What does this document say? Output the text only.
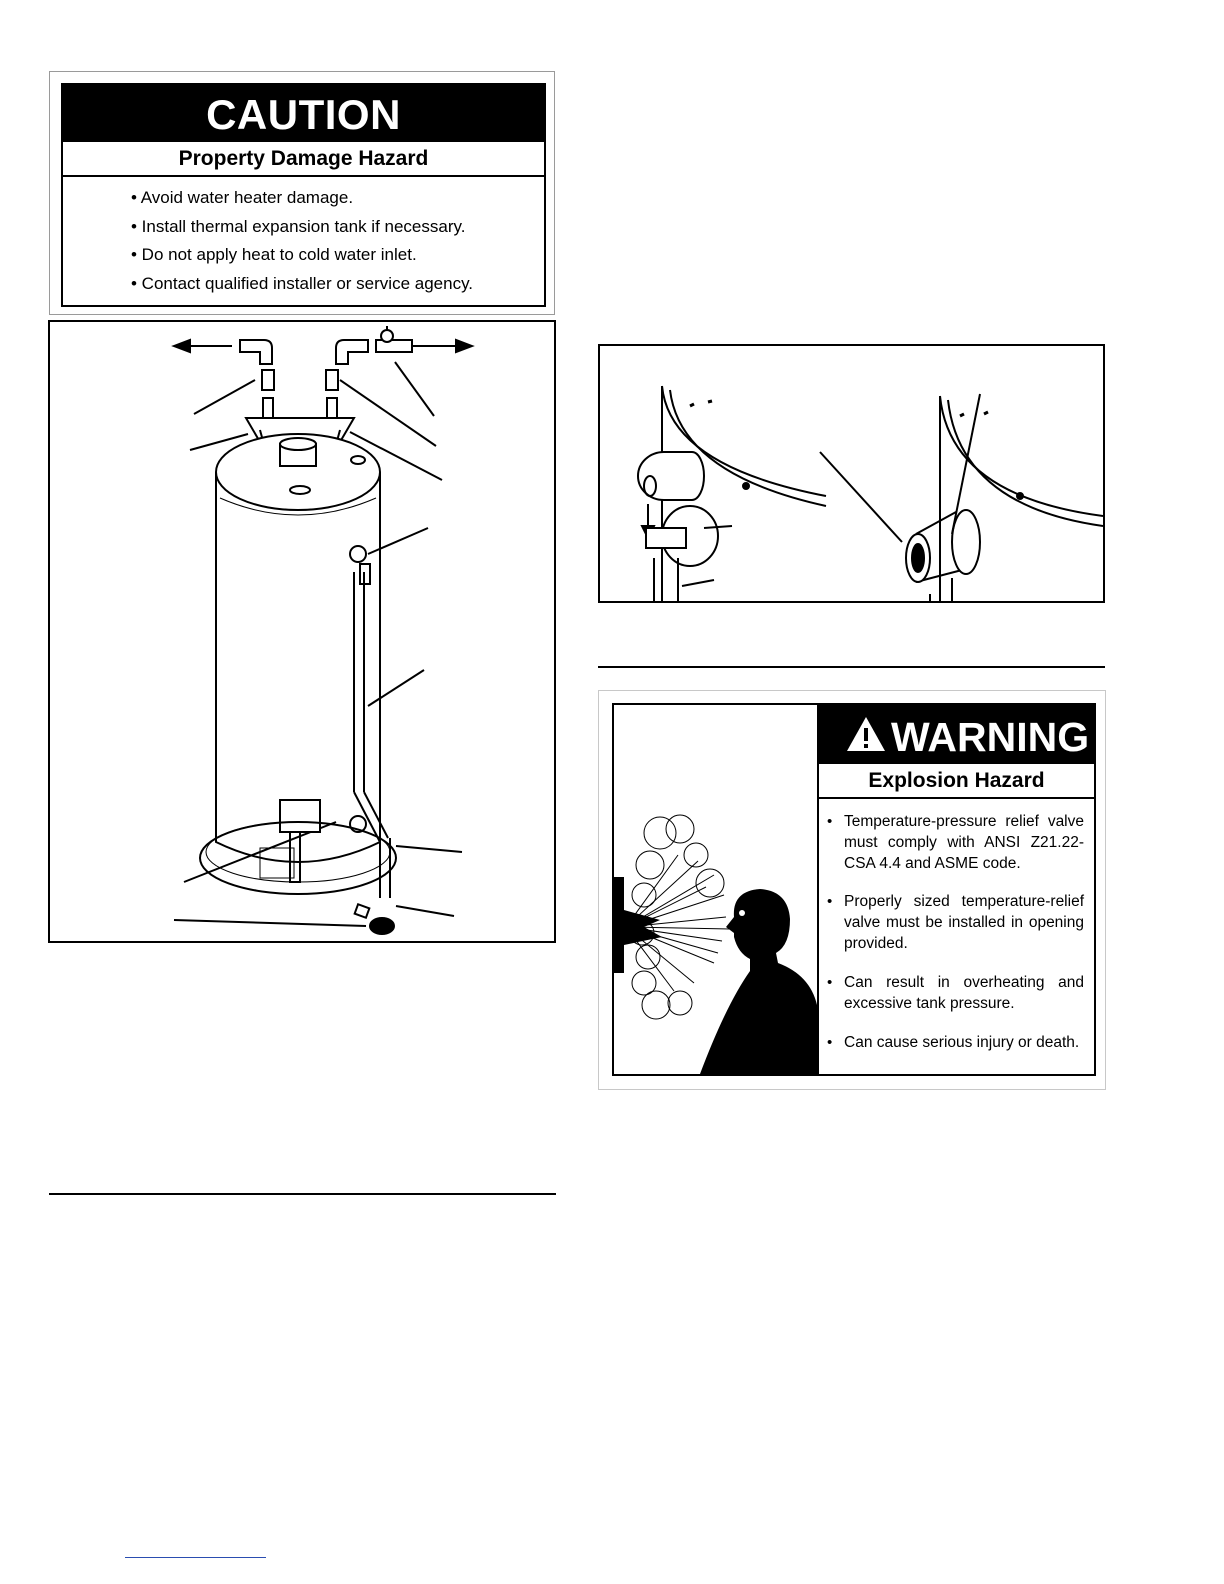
CAUTION
Property Damage Hazard
• Avoid water heater damage.
• Install thermal expansion tank if necessary.
• Do not apply heat to cold water inlet.
• Contact qualified installer or service agency.
WARNING
Explosion Hazard
• Temperature-pressure relief valve must comply with ANSI Z21.22-CSA 4.4 and ASME code.
• Properly sized temperature-relief valve must be installed in opening provided.
• Can result in overheating and excessive tank pressure.
• Can cause serious injury or death.
